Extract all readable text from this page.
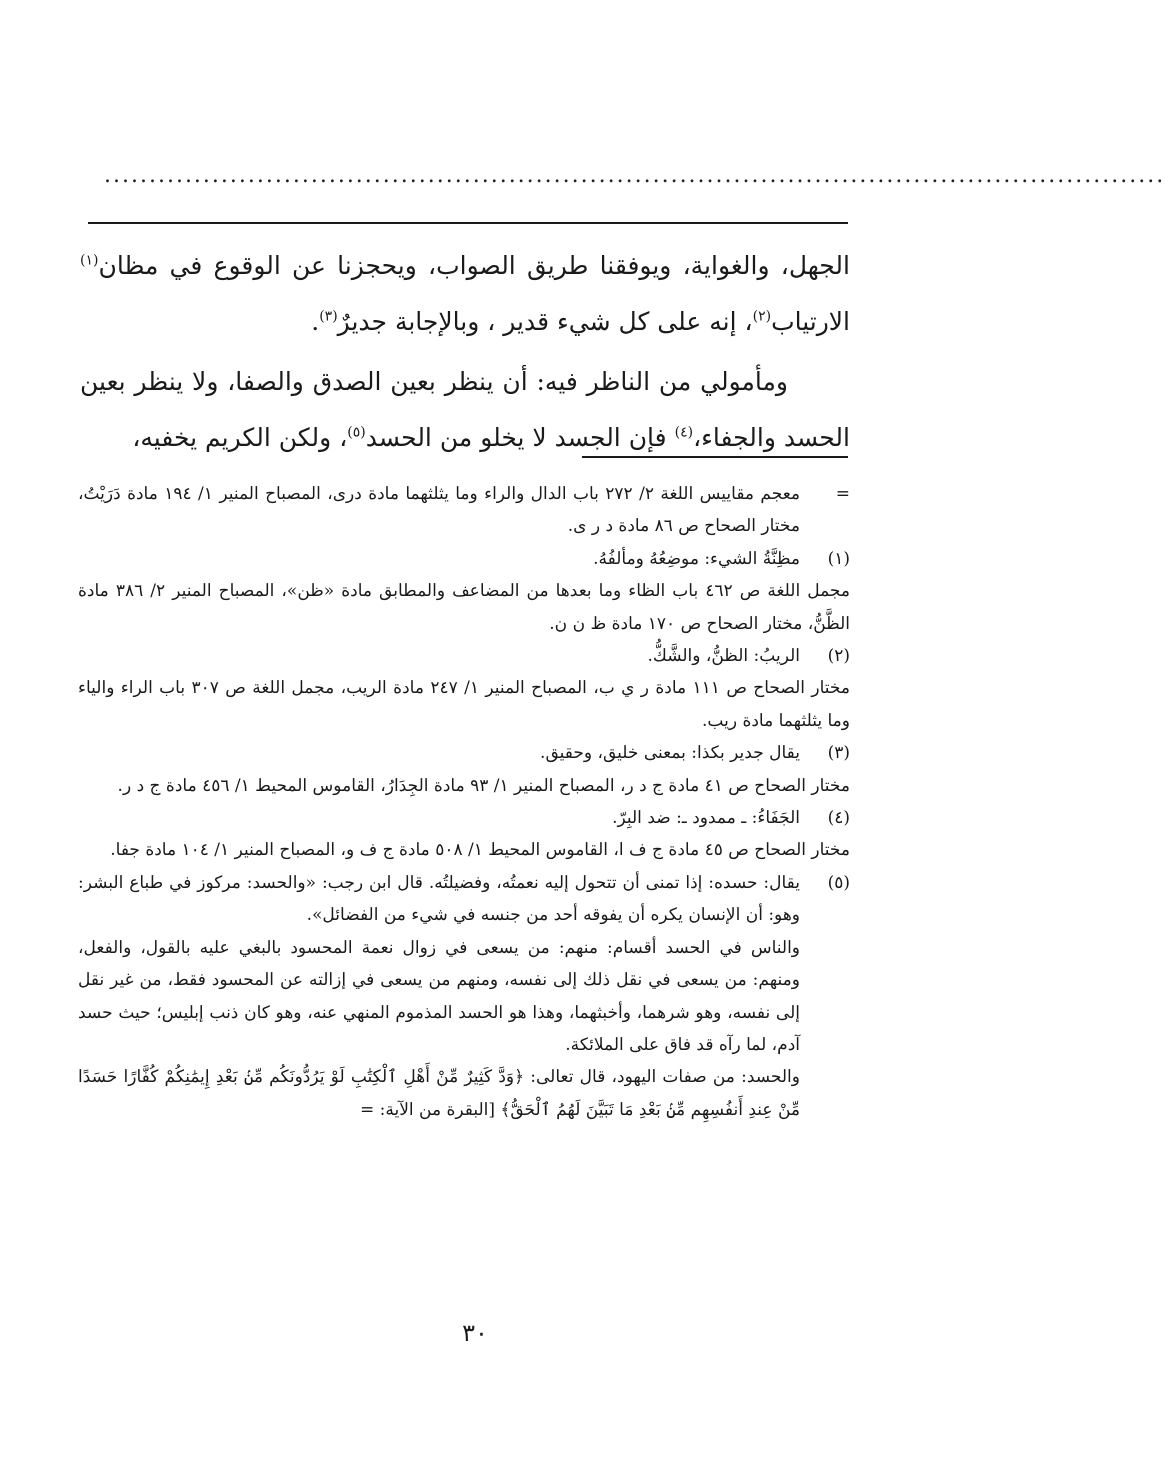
......................................................................................................................

الجهل، والغواية، ويوفقنا طريق الصواب، ويحجزنا عن الوقوع في مظان$^{(١)}$ الارتياب$^{(٢)}$، إنه على كل شيء قدير ، وبالإجابة جديرٌ$^{(٣)}$.

ومأمولي من الناظر فيه: أن ينظر بعين الصدق والصفا، ولا ينظر بعين الحسد والجفاء،$^{(٤)}$ فإن الجسد لا يخلو من الحسد$^{(٥)}$، ولكن الكريم يخفيه،

=
معجم مقاييس اللغة ٢/ ٢٧٢ باب الدال والراء وما يثلثهما مادة درى، المصباح المنير ١/ ١٩٤ مادة دَرَيْتُ، مختار الصحاح ص ٨٦ مادة د ر ى.
(١)
مظِنَّةُ الشيء: موضِعُهُ ومألفُهُ.
مجمل اللغة ص ٤٦٢ باب الظاء وما بعدها من المضاعف والمطابق مادة «ظن»، المصباح المنير ٢/ ٣٨٦ مادة الظَّنُّ، مختار الصحاح ص ١٧٠ مادة ظ ن ن.
(٢)
الريبُ: الظنُّ، والشَّكُّ.
مختار الصحاح ص ١١١ مادة ر ي ب، المصباح المنير ١/ ٢٤٧ مادة الريب، مجمل اللغة ص ٣٠٧ باب الراء والياء وما يثلثهما مادة ريب.
(٣)
يقال جدير بكذا: بمعنى خليق، وحقيق.
مختار الصحاح ص ٤١ مادة ج د ر، المصباح المنير ١/ ٩٣ مادة الجِدَارُ، القاموس المحيط ١/ ٤٥٦ مادة ج د ر.
(٤)
الجَفَاءُ: ـ ممدود ـ: ضد البِرّ.
مختار الصحاح ص ٤٥ مادة ج ف ا، القاموس المحيط ١/ ٥٠٨ مادة ج ف و، المصباح المنير ١/ ١٠٤ مادة جفا.
(٥)
يقال: حسده: إذا تمنى أن تتحول إليه نعمتُه، وفضيلتُه. قال ابن رجب: «والحسد: مركوز في طباع البشر: وهو: أن الإنسان يكره أن يفوقه أحد من جنسه في شيء من الفضائل».
والناس في الحسد أقسام: منهم: من يسعى في زوال نعمة المحسود بالبغي عليه بالقول، والفعل، ومنهم: من يسعى في نقل ذلك إلى نفسه، ومنهم من يسعى في إزالته عن المحسود فقط، من غير نقل إلى نفسه، وهو شرهما، وأخبثهما، وهذا هو الحسد المذموم المنهي عنه، وهو كان ذنب إبليس؛ حيث حسد آدم، لما رآه قد فاق على الملائكة.
والحسد: من صفات اليهود، قال تعالى: ﴿وَدَّ كَثِيرٌ مِّنْ أَهْلِ ٱلْكِتَٰبِ لَوْ يَرُدُّونَكُم مِّنۢ بَعْدِ إِيمَٰنِكُمْ كُفَّارًا حَسَدًا مِّنْ عِندِ أَنفُسِهِم مِّنۢ بَعْدِ مَا تَبَيَّنَ لَهُمُ ٱلْحَقُّ﴾ [البقرة من الآية: =
٣٠
